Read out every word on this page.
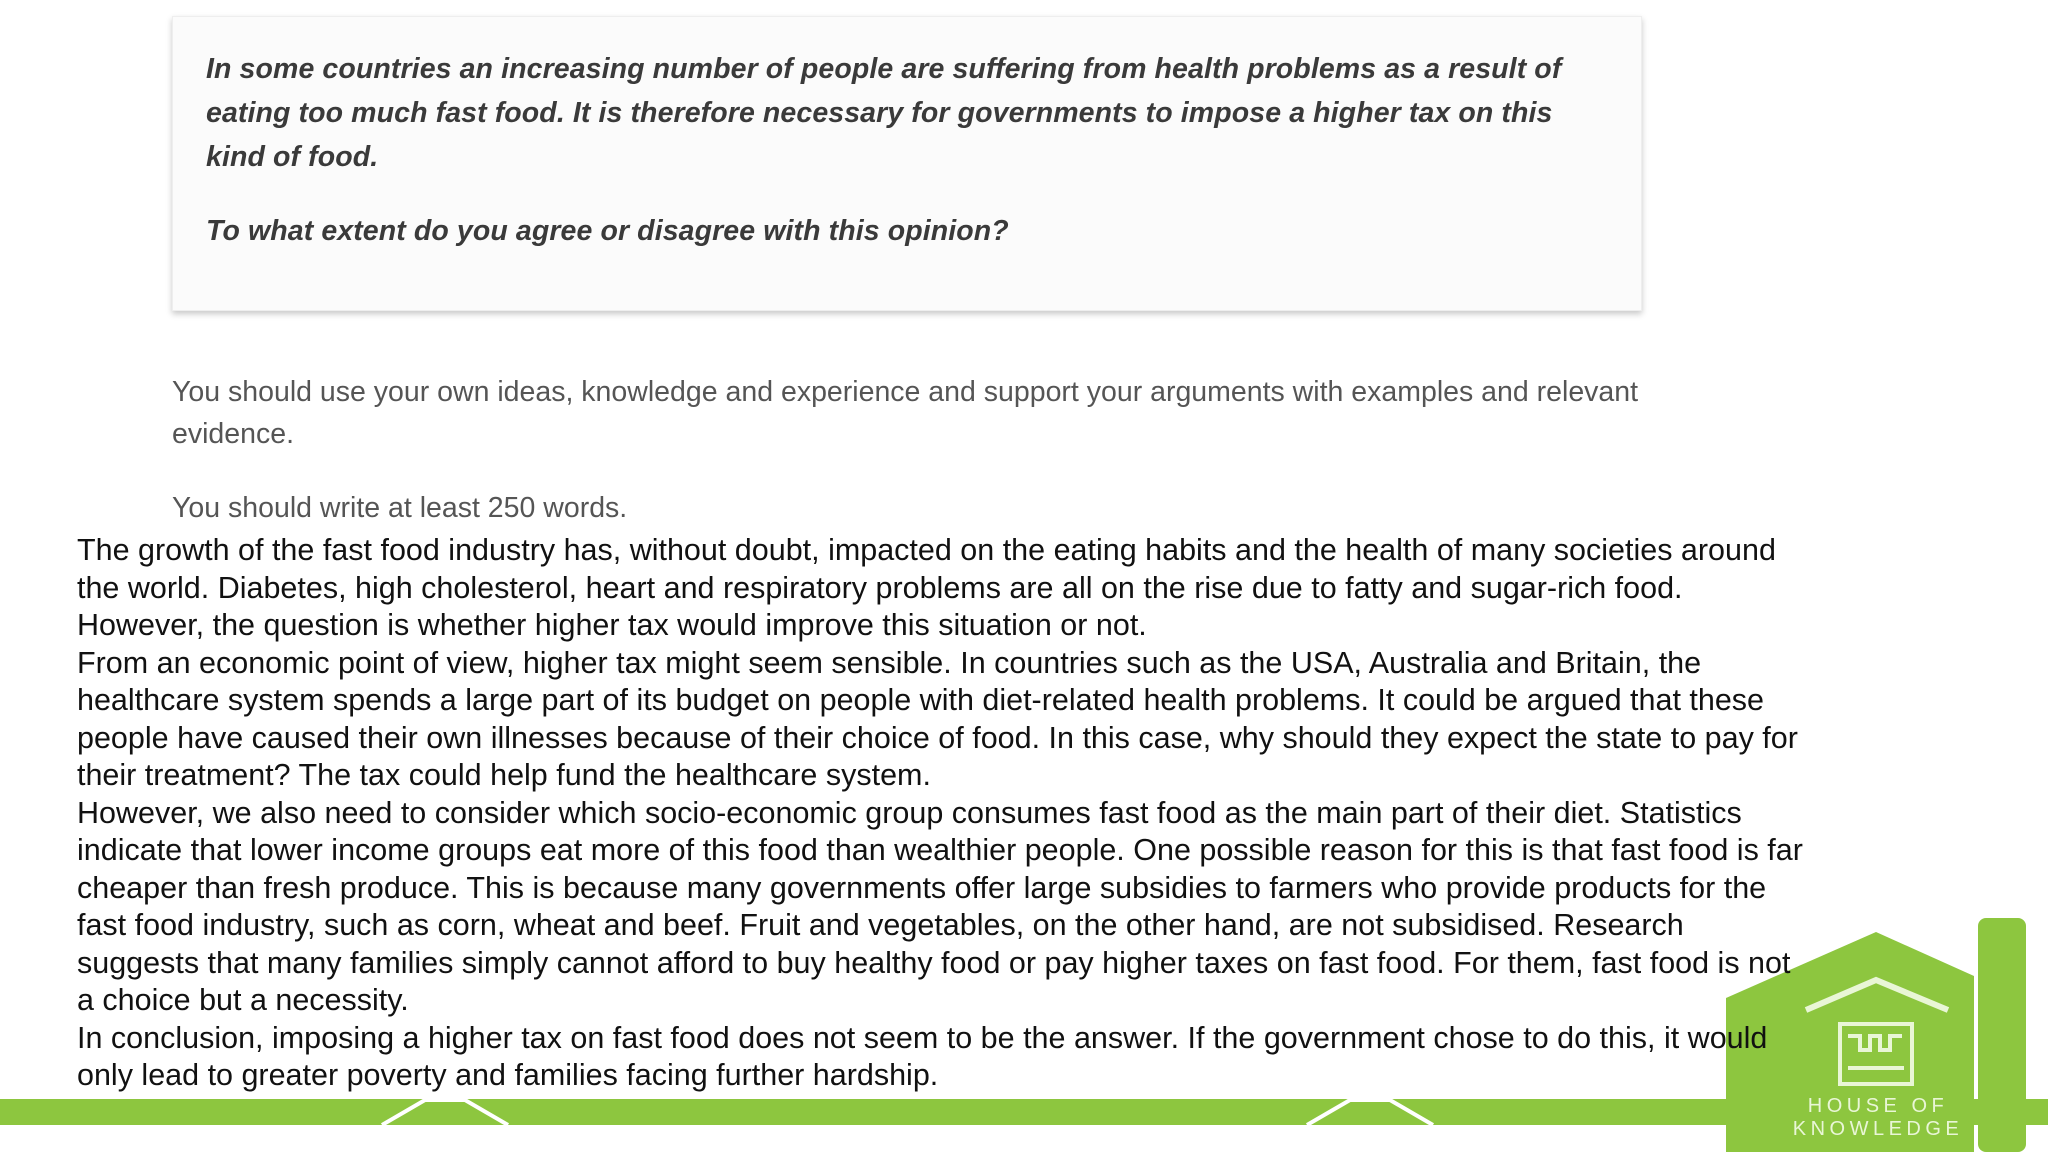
In some countries an increasing number of people are suffering from health problems as a result of eating too much fast food. It is therefore necessary for governments to impose a higher tax on this kind of food.

To what extent do you agree or disagree with this opinion?

You should use your own ideas, knowledge and experience and support your arguments with examples and relevant evidence.

You should write at least 250 words.

The growth of the fast food industry has, without doubt, impacted on the eating habits and the health of many societies around

the world. Diabetes, high cholesterol, heart and respiratory problems are all on the rise due to fatty and sugar-rich food.

However, the question is whether higher tax would improve this situation or not.

From an economic point of view, higher tax might seem sensible. In countries such as the USA, Australia and Britain, the

healthcare system spends a large part of its budget on people with diet-related health problems. It could be argued that these

people have caused their own illnesses because of their choice of food. In this case, why should they expect the state to pay for

their treatment? The tax could help fund the healthcare system.

However, we also need to consider which socio-economic group consumes fast food as the main part of their diet. Statistics

indicate that lower income groups eat more of this food than wealthier people. One possible reason for this is that fast food is far

cheaper than fresh produce. This is because many governments offer large subsidies to farmers who provide products for the

fast food industry, such as corn, wheat and beef. Fruit and vegetables, on the other hand, are not subsidised. Research

suggests that many families simply cannot afford to buy healthy food or pay higher taxes on fast food. For them, fast food is not

a choice but a necessity.

In conclusion, imposing a higher tax on fast food does not seem to be the answer. If the government chose to do this, it would

only lead to greater poverty and families facing further hardship.

HOUSE OF KNOWLEDGE
